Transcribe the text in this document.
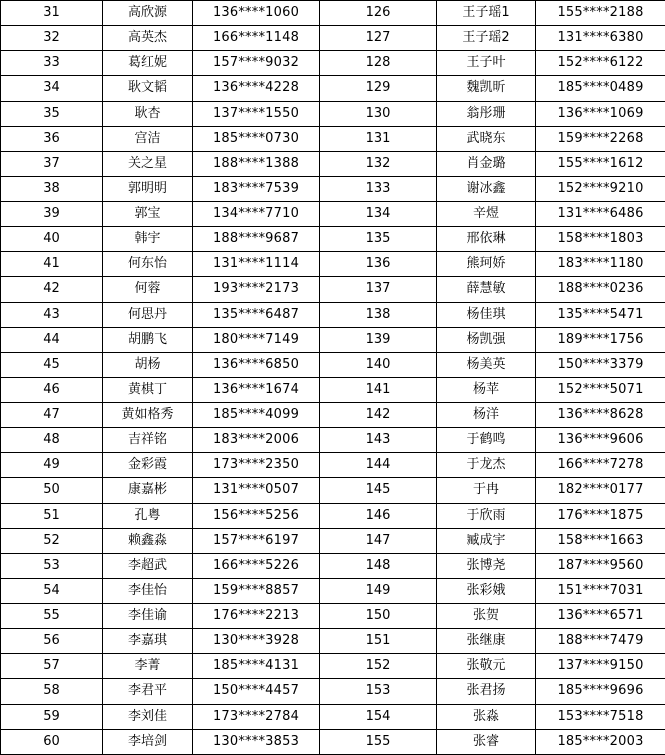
31	高欣源	136****1060	126	王子瑶1	155****2188
32	高英杰	166****1148	127	王子瑶2	131****6380
33	葛红妮	157****9032	128	王子叶	152****6122
34	耿文韬	136****4228	129	魏凯昕	185****0489
35	耿杏	137****1550	130	翁彤珊	136****1069
36	宫洁	185****0730	131	武晓东	159****2268
37	关之星	188****1388	132	肖金璐	155****1612
38	郭明明	183****7539	133	谢冰鑫	152****9210
39	郭宝	134****7710	134	辛煜	131****6486
40	韩宇	188****9687	135	邢依琳	158****1803
41	何东怡	131****1114	136	熊珂娇	183****1180
42	何蓉	193****2173	137	薛慧敏	188****0236
43	何思丹	135****6487	138	杨佳琪	135****5471
44	胡鹏飞	180****7149	139	杨凯强	189****1756
45	胡杨	136****6850	140	杨美英	150****3379
46	黄棋丁	136****1674	141	杨苹	152****5071
47	黄如格秀	185****4099	142	杨洋	136****8628
48	吉祥铭	183****2006	143	于鹤鸣	136****9606
49	金彩霞	173****2350	144	于龙杰	166****7278
50	康嘉彬	131****0507	145	于冉	182****0177
51	孔粤	156****5256	146	于欣雨	176****1875
52	赖鑫淼	157****6197	147	臧成宇	158****1663
53	李超武	166****5226	148	张博尧	187****9560
54	李佳怡	159****8857	149	张彩娥	151****7031
55	李佳谕	176****2213	150	张贺	136****6571
56	李嘉琪	130****3928	151	张继康	188****7479
57	李菁	185****4131	152	张敬元	137****9150
58	李君平	150****4457	153	张君扬	185****9696
59	李刘佳	173****2784	154	张淼	153****7518
60	李培剑	130****3853	155	张睿	185****2003
